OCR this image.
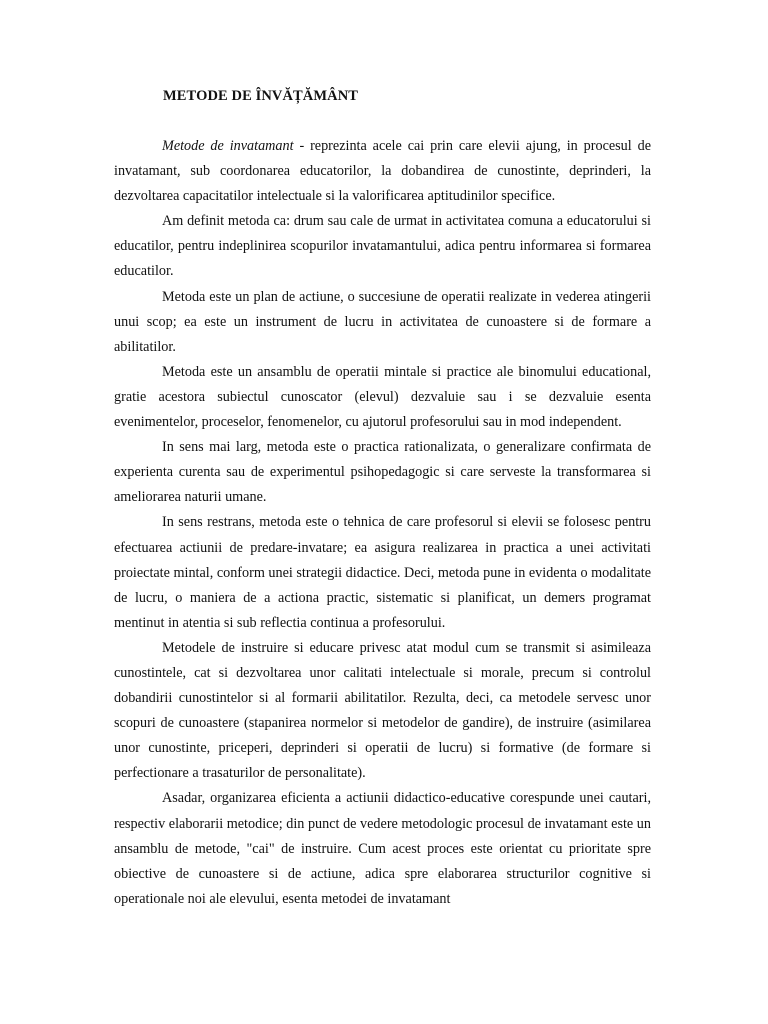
METODE DE ÎNVĂȚĂMÂNT

Metode de invatamant - reprezinta acele cai prin care elevii ajung, in procesul de invatamant, sub coordonarea educatorilor, la dobandirea de cunostinte, deprinderi, la dezvoltarea capacitatilor intelectuale si la valorificarea aptitudinilor specifice.

Am definit metoda ca: drum sau cale de urmat in activitatea comuna a educatorului si educatilor, pentru indeplinirea scopurilor invatamantului, adica pentru informarea si formarea educatilor.

Metoda este un plan de actiune, o succesiune de operatii realizate in vederea atingerii unui scop; ea este un instrument de lucru in activitatea de cunoastere si de formare a abilitatilor.

Metoda este un ansamblu de operatii mintale si practice ale binomului educational, gratie acestora subiectul cunoscator (elevul) dezvaluie sau i se dezvaluie esenta evenimentelor, proceselor, fenomenelor, cu ajutorul profesorului sau in mod independent.

In sens mai larg, metoda este o practica rationalizata, o generalizare confirmata de experienta curenta sau de experimentul psihopedagogic si care serveste la transformarea si ameliorarea naturii umane.

In sens restrans, metoda este o tehnica de care profesorul si elevii se folosesc pentru efectuarea actiunii de predare-invatare; ea asigura realizarea in practica a unei activitati proiectate mintal, conform unei strategii didactice. Deci, metoda pune in evidenta o modalitate de lucru, o maniera de a actiona practic, sistematic si planificat, un demers programat mentinut in atentia si sub reflectia continua a profesorului.

Metodele de instruire si educare privesc atat modul cum se transmit si asimileaza cunostintele, cat si dezvoltarea unor calitati intelectuale si morale, precum si controlul dobandirii cunostintelor si al formarii abilitatilor. Rezulta, deci, ca metodele servesc unor scopuri de cunoastere (stapanirea normelor si metodelor de gandire), de instruire (asimilarea unor cunostinte, priceperi, deprinderi si operatii de lucru) si formative (de formare si perfectionare a trasaturilor de personalitate).

Asadar, organizarea eficienta a actiunii didactico-educative corespunde unei cautari, respectiv elaborarii metodice; din punct de vedere metodologic procesul de invatamant este un ansamblu de metode, "cai" de instruire. Cum acest proces este orientat cu prioritate spre obiective de cunoastere si de actiune, adica spre elaborarea structurilor cognitive si operationale noi ale elevului, esenta metodei de invatamant
